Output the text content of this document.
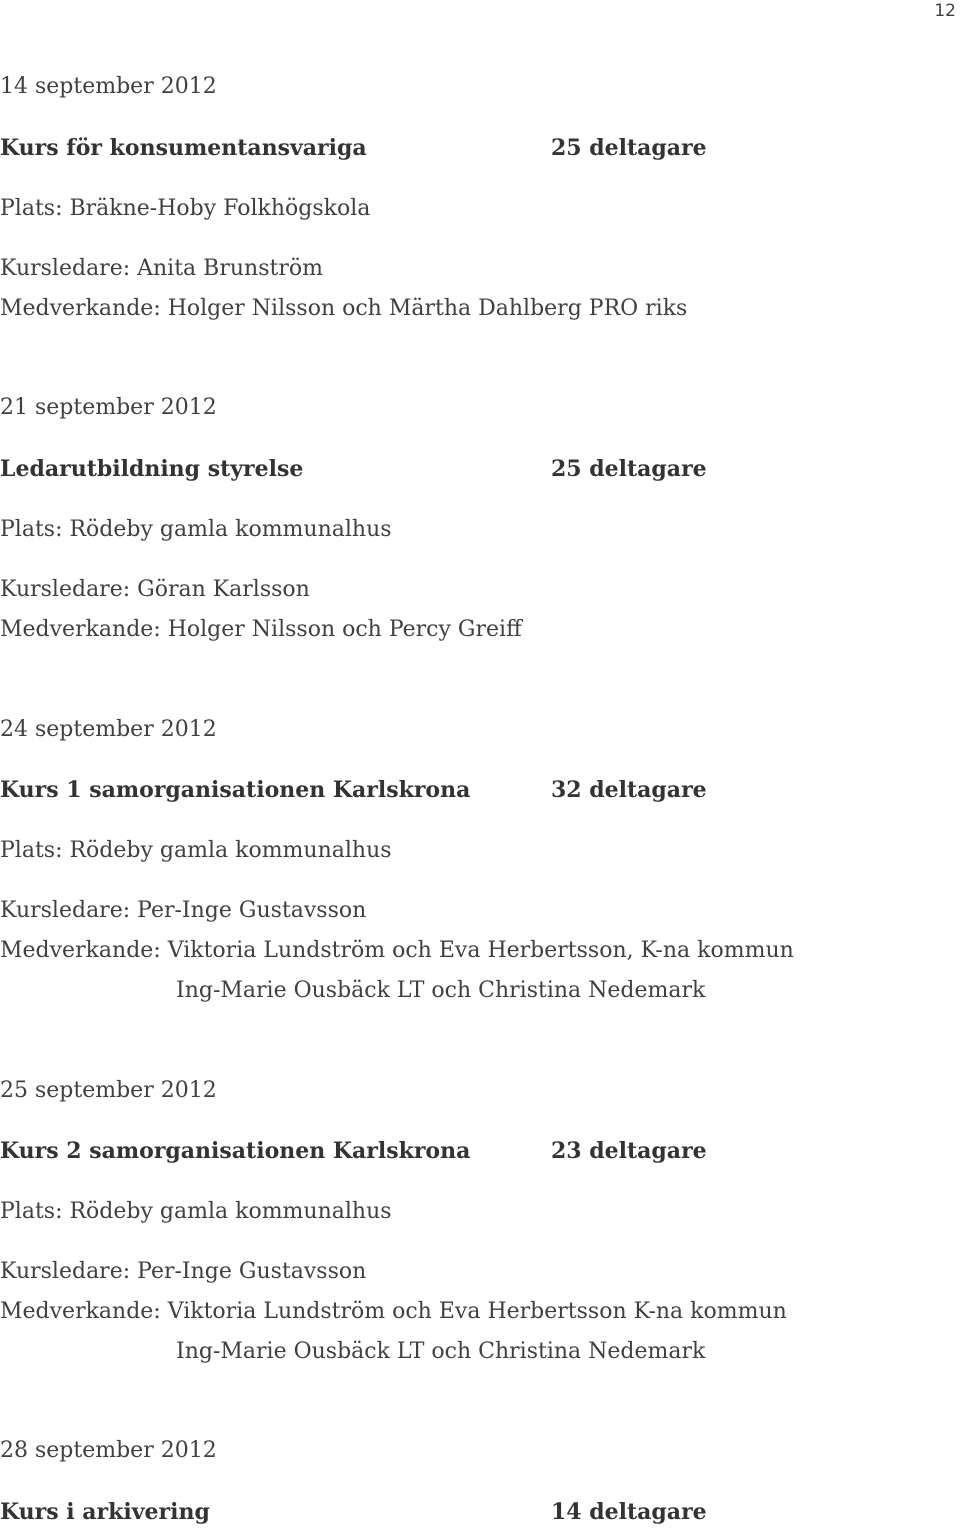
12
14 september 2012
Kurs för konsumentansvariga	25 deltagare
Plats: Bräkne-Hoby Folkhögskola
Kursledare: Anita Brunström
Medverkande: Holger Nilsson och Märtha Dahlberg PRO riks
21 september 2012
Ledarutbildning styrelse	25 deltagare
Plats: Rödeby gamla kommunalhus
Kursledare: Göran Karlsson
Medverkande: Holger Nilsson och Percy Greiff
24 september 2012
Kurs 1 samorganisationen Karlskrona	32 deltagare
Plats: Rödeby gamla kommunalhus
Kursledare: Per-Inge Gustavsson
Medverkande: Viktoria Lundström och Eva Herbertsson, K-na kommun
Ing-Marie Ousbäck LT och Christina Nedemark
25 september 2012
Kurs 2 samorganisationen Karlskrona	23 deltagare
Plats: Rödeby gamla kommunalhus
Kursledare: Per-Inge Gustavsson
Medverkande: Viktoria Lundström och Eva Herbertsson K-na kommun
Ing-Marie Ousbäck LT och Christina Nedemark
28 september 2012
Kurs i arkivering	14 deltagare
